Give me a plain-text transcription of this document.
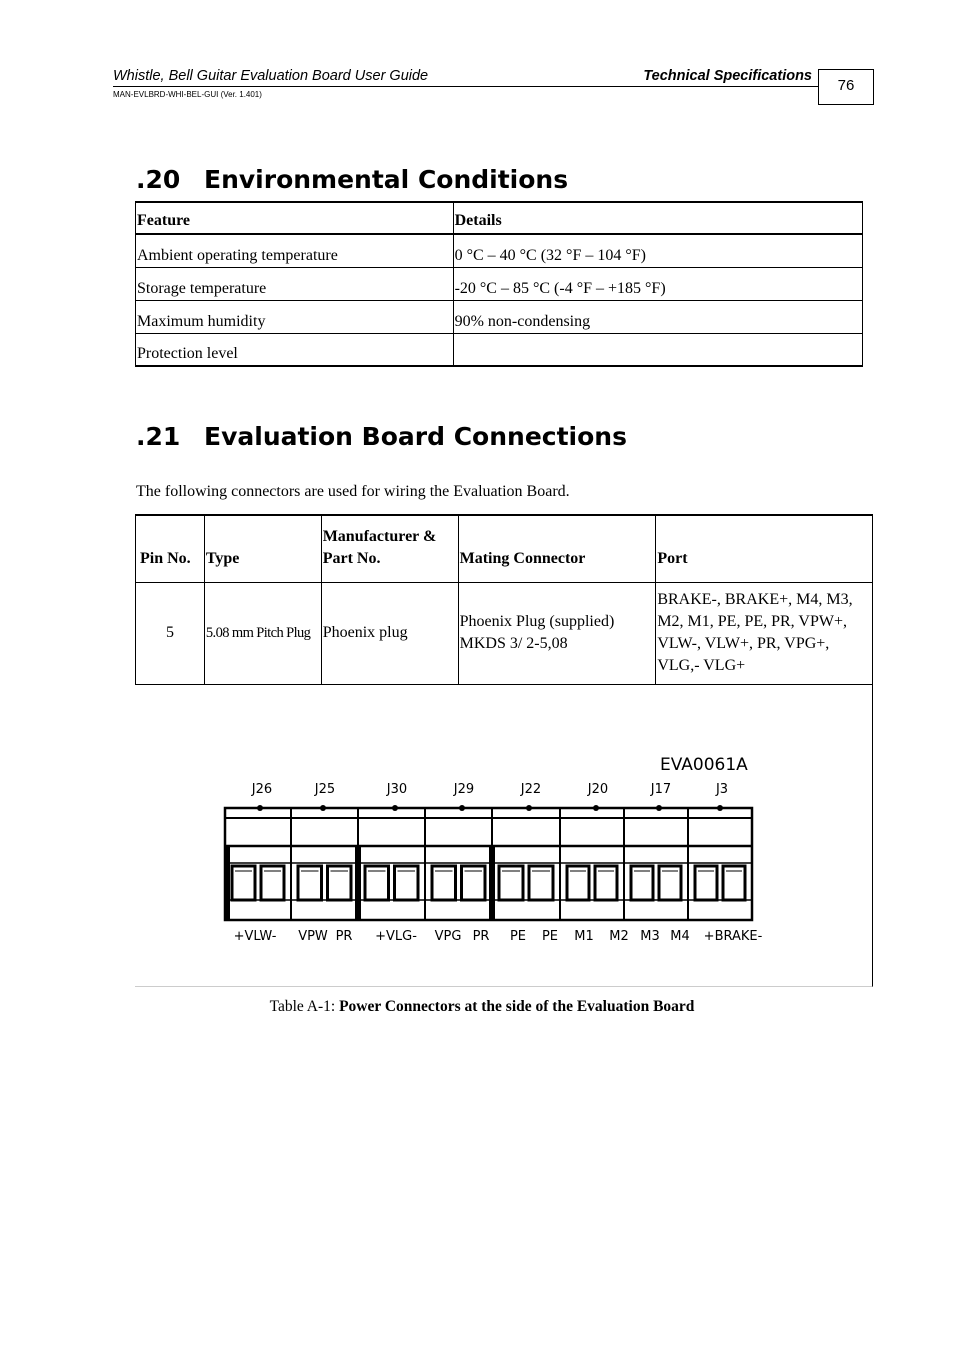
Whistle, Bell Guitar Evaluation Board User Guide	Technical Specifications
MAN-EVLBRD-WHI-BEL-GUI (Ver. 1.401)
76
.20 Environmental Conditions
Feature	Details
Ambient operating temperature	0 °C – 40 °C (32 °F – 104 °F)
Storage temperature	-20 °C – 85 °C (-4 °F – +185 °F)
Maximum humidity	90% non-condensing
Protection level	
.21 Evaluation Board Connections
The following connectors are used for wiring the Evaluation Board.
Pin No.	Type	Manufacturer & Part No.	Mating Connector	Port
5	5.08 mm Pitch Plug	Phoenix plug	Phoenix Plug (supplied) MKDS 3/ 2-5,08	BRAKE-, BRAKE+, M4, M3, M2, M1, PE, PE, PR, VPW+, VLW-, VLW+, PR, VPG+, VLG,- VLG+
EVA0061A
J26	J25	J30	J29	J22	J20	J17	J3
+VLW- VPW PR +VLG- VPG PR PE PE M1 M2 M3 M4 +BRAKE-
Table A-1: Power Connectors at the side of the Evaluation Board
